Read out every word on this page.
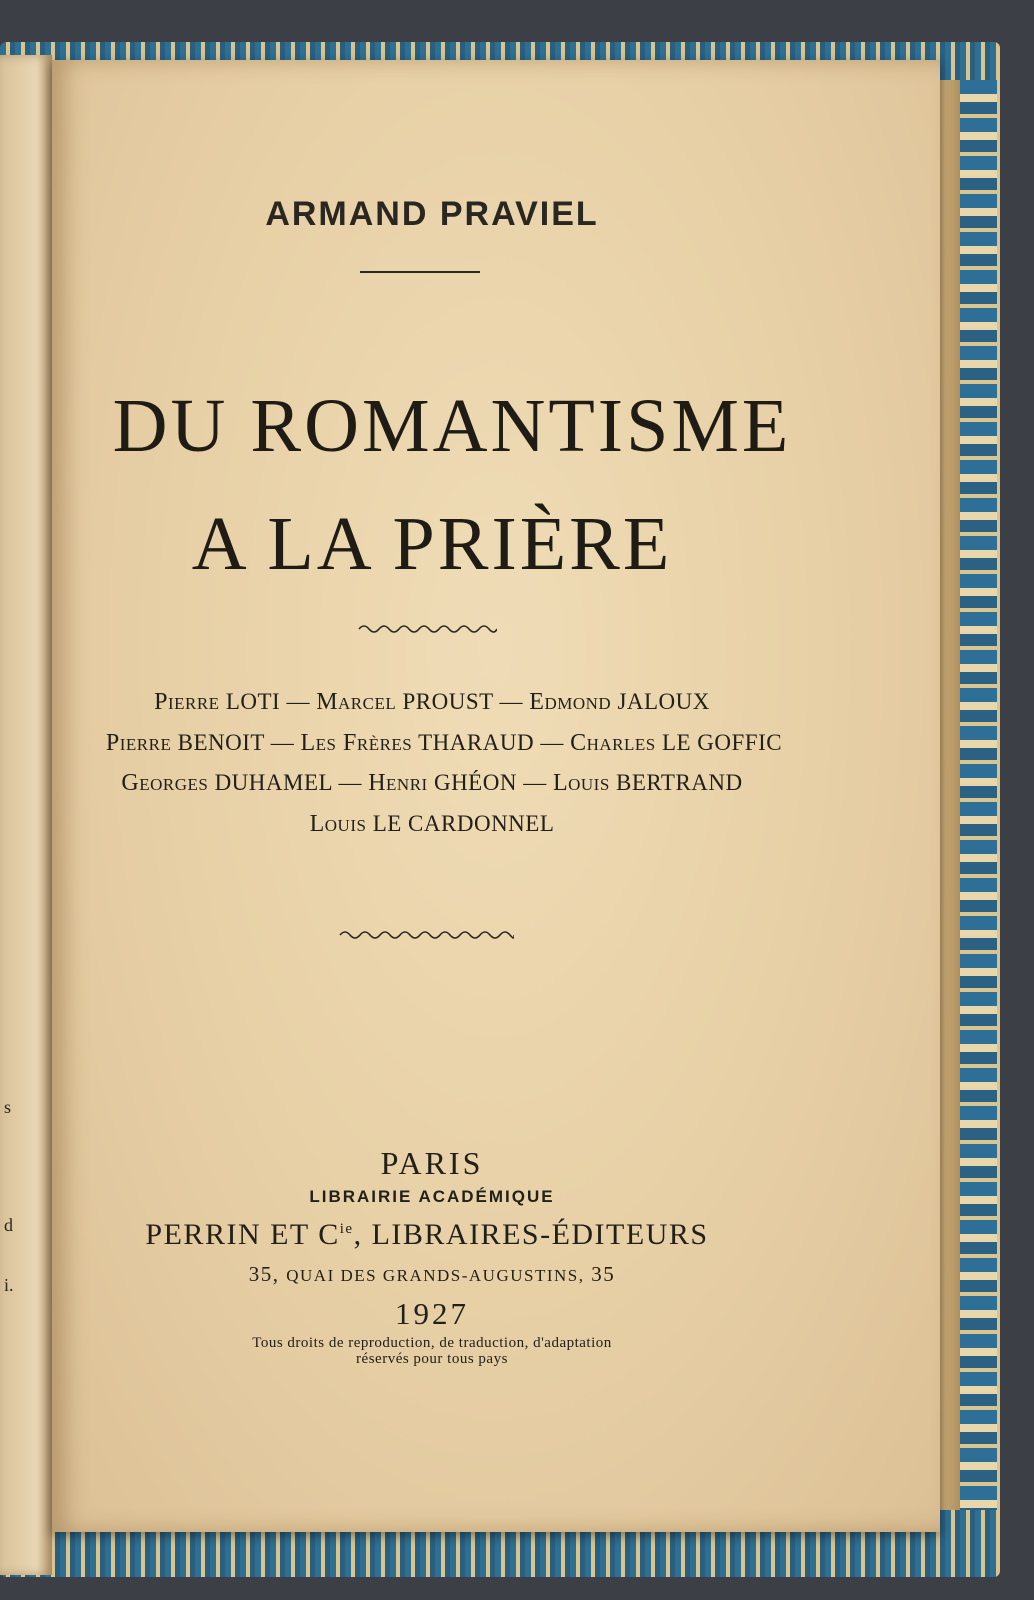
s
d
i.
ARMAND PRAVIEL
DU ROMANTISME
A LA PRIÈRE
Pierre LOTI — Marcel PROUST — Edmond JALOUX
Pierre BENOIT — Les Frères THARAUD — Charles LE GOFFIC
Georges DUHAMEL — Henri GHÉON — Louis BERTRAND
Louis LE CARDONNEL
PARIS
LIBRAIRIE ACADÉMIQUE
PERRIN ET $C^{ie}$, LIBRAIRES-ÉDITEURS
35, QUAI DES GRANDS-AUGUSTINS, 35
1927
Tous droits de reproduction, de traduction, d'adaptation
réservés pour tous pays
